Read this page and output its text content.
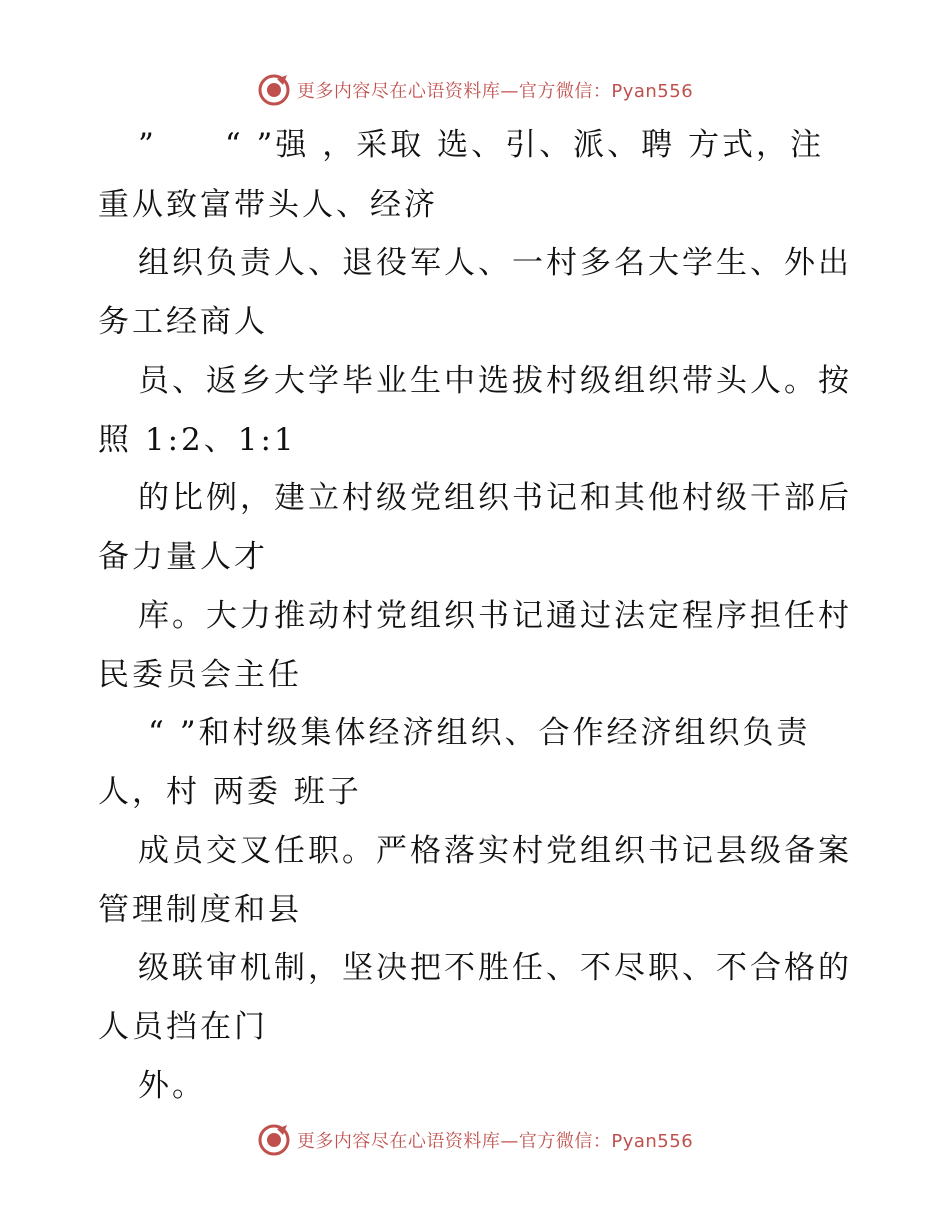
更多内容尽在心语资料库—官方微信：Pyan556
”　　“ ”强 ，采取 选、引、派、聘 方式，注
重从致富带头人、经济
组织负责人、退役军人、一村多名大学生、外出
务工经商人
员、返乡大学毕业生中选拔村级组织带头人。按
照 1:2、1:1
的比例，建立村级党组织书记和其他村级干部后
备力量人才
库。大力推动村党组织书记通过法定程序担任村
民委员会主任
“ ”和村级集体经济组织、合作经济组织负责
人，村 两委 班子
成员交叉任职。严格落实村党组织书记县级备案
管理制度和县
级联审机制，坚决把不胜任、不尽职、不合格的
人员挡在门
外。
更多内容尽在心语资料库—官方微信：Pyan556
